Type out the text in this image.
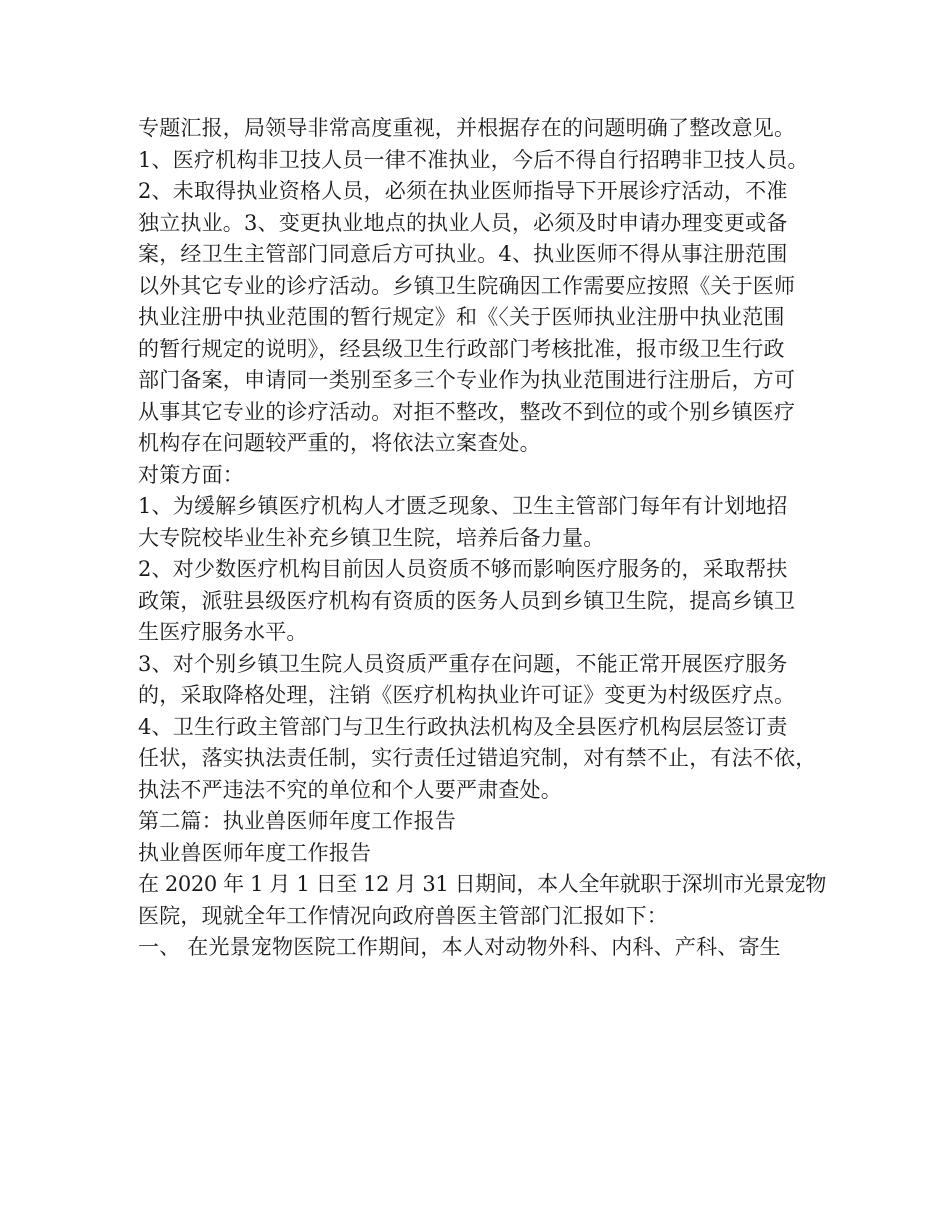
专题汇报，局领导非常高度重视，并根据存在的问题明确了整改意见。
1、医疗机构非卫技人员一律不准执业，今后不得自行招聘非卫技人员。
2、未取得执业资格人员，必须在执业医师指导下开展诊疗活动，不准
独立执业。3、变更执业地点的执业人员，必须及时申请办理变更或备
案，经卫生主管部门同意后方可执业。4、执业医师不得从事注册范围
以外其它专业的诊疗活动。乡镇卫生院确因工作需要应按照《关于医师
执业注册中执业范围的暂行规定》和《〈关于医师执业注册中执业范围
的暂行规定的说明》，经县级卫生行政部门考核批准，报市级卫生行政
部门备案，申请同一类别至多三个专业作为执业范围进行注册后，方可
从事其它专业的诊疗活动。对拒不整改，整改不到位的或个别乡镇医疗
机构存在问题较严重的，将依法立案查处。
对策方面：
1、为缓解乡镇医疗机构人才匮乏现象、卫生主管部门每年有计划地招
大专院校毕业生补充乡镇卫生院，培养后备力量。
2、对少数医疗机构目前因人员资质不够而影响医疗服务的，采取帮扶
政策，派驻县级医疗机构有资质的医务人员到乡镇卫生院，提高乡镇卫
生医疗服务水平。
3、对个别乡镇卫生院人员资质严重存在问题，不能正常开展医疗服务
的，采取降格处理，注销《医疗机构执业许可证》变更为村级医疗点。
4、卫生行政主管部门与卫生行政执法机构及全县医疗机构层层签订责
任状，落实执法责任制，实行责任过错追究制，对有禁不止，有法不依，
执法不严违法不究的单位和个人要严肃查处。
第二篇：执业兽医师年度工作报告
执业兽医师年度工作报告
在 2020 年 1 月 1 日至 12 月 31 日期间，本人全年就职于深圳市光景宠物
医院，现就全年工作情况向政府兽医主管部门汇报如下：
一、 在光景宠物医院工作期间，本人对动物外科、内科、产科、寄生
